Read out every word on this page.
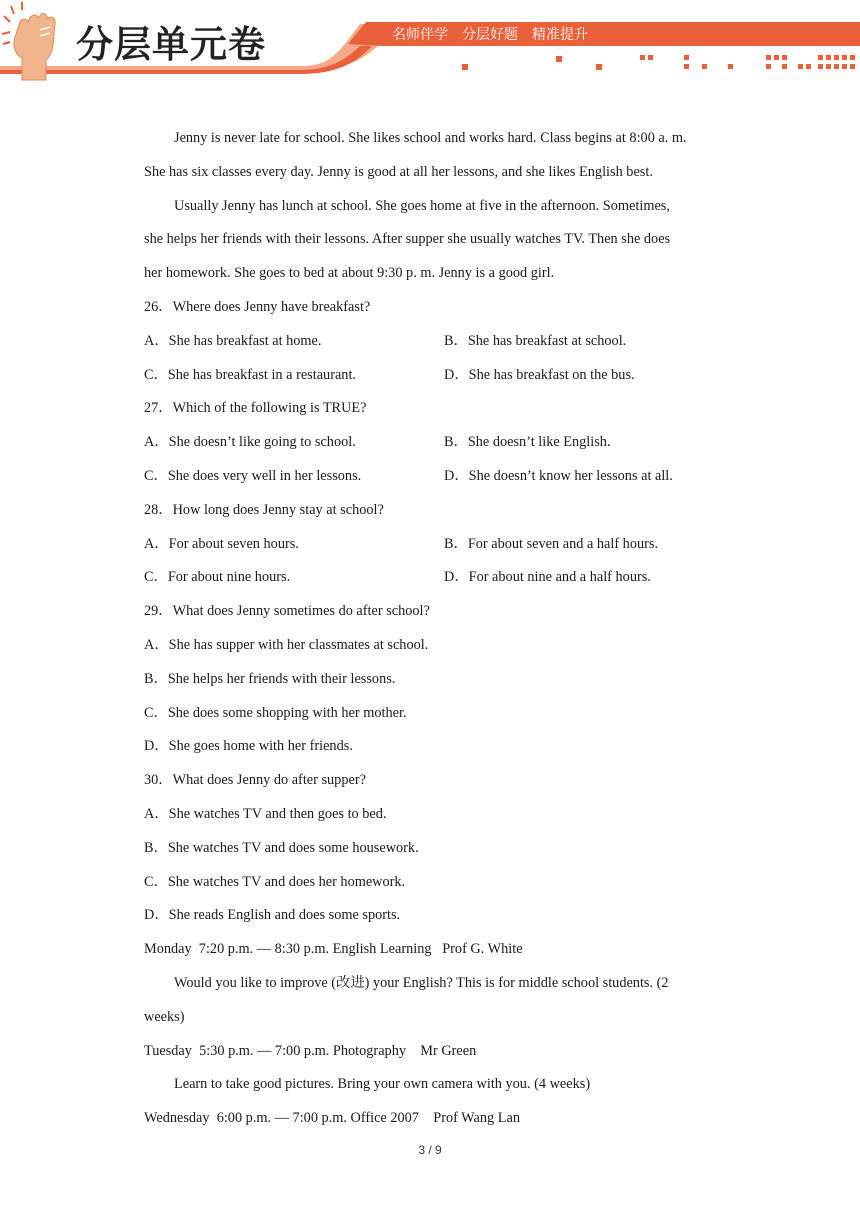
分层单元卷	名师伴学　分层好题　精准提升
Jenny is never late for school. She likes school and works hard. Class begins at 8:00 a. m.
She has six classes every day. Jenny is good at all her lessons, and she likes English best.
Usually Jenny has lunch at school. She goes home at five in the afternoon. Sometimes,
she helps her friends with their lessons. After supper she usually watches TV. Then she does
her homework. She goes to bed at about 9:30 p. m. Jenny is a good girl.
26．Where does Jenny have breakfast?
A．She has breakfast at home.	B．She has breakfast at school.
C．She has breakfast in a restaurant.	D．She has breakfast on the bus.
27．Which of the following is TRUE?
A．She doesn’t like going to school.	B．She doesn’t like English.
C．She does very well in her lessons.	D．She doesn’t know her lessons at all.
28．How long does Jenny stay at school?
A．For about seven hours.	B．For about seven and a half hours.
C．For about nine hours.	D．For about nine and a half hours.
29．What does Jenny sometimes do after school?
A．She has supper with her classmates at school.
B．She helps her friends with their lessons.
C．She does some shopping with her mother.
D．She goes home with her friends.
30．What does Jenny do after supper?
A．She watches TV and then goes to bed.
B．She watches TV and does some housework.
C．She watches TV and does her homework.
D．She reads English and does some sports.
Monday  7:20 p.m. — 8:30 p.m. English Learning   Prof G. White
Would you like to improve (改进) your English? This is for middle school students. (2
weeks)
Tuesday  5:30 p.m. — 7:00 p.m. Photography    Mr Green
Learn to take good pictures. Bring your own camera with you. (4 weeks)
Wednesday  6:00 p.m. — 7:00 p.m. Office 2007    Prof Wang Lan
3 / 9
